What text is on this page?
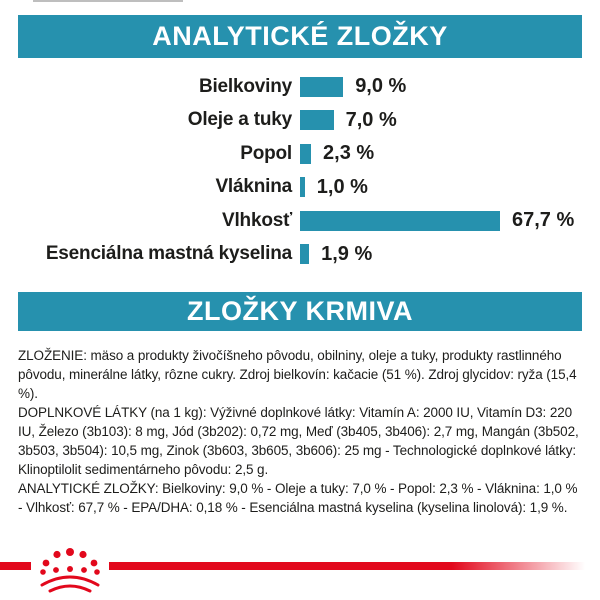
ANALYTICKÉ ZLOŽKY
Bielkoviny	9,0 %
Oleje a tuky	7,0 %
Popol 2,3 %
Vláknina 1,0 %
Vlhkosť	67,7 %
Esenciálna mastná kyselina 1,9 %
ZLOŽKY KRMIVA

ZLOŽENIE: mäso a produkty živočíšneho pôvodu, obilniny, oleje a tuky, produkty rastlinného pôvodu, minerálne látky, rôzne cukry. Zdroj bielkovín: kačacie (51 %). Zdroj glycidov: ryža (15,4 %).

DOPLNKOVÉ LÁTKY (na 1 kg): Výživné doplnkové látky: Vitamín A: 2000 IU, Vitamín D3: 220 IU, Železo (3b103): 8 mg, Jód (3b202): 0,72 mg, Meď (3b405, 3b406): 2,7 mg, Mangán (3b502, 3b503, 3b504): 10,5 mg, Zinok (3b603, 3b605, 3b606): 25 mg - Technologické doplnkové látky: Klinoptilolit sedimentárneho pôvodu: 2,5 g.

ANALYTICKÉ ZLOŽKY: Bielkoviny: 9,0 % - Oleje a tuky: 7,0 % - Popol: 2,3 % - Vláknina: 1,0 % - Vlhkosť: 67,7 % - EPA/DHA: 0,18 % - Esenciálna mastná kyselina (kyselina linolová): 1,9 %.
